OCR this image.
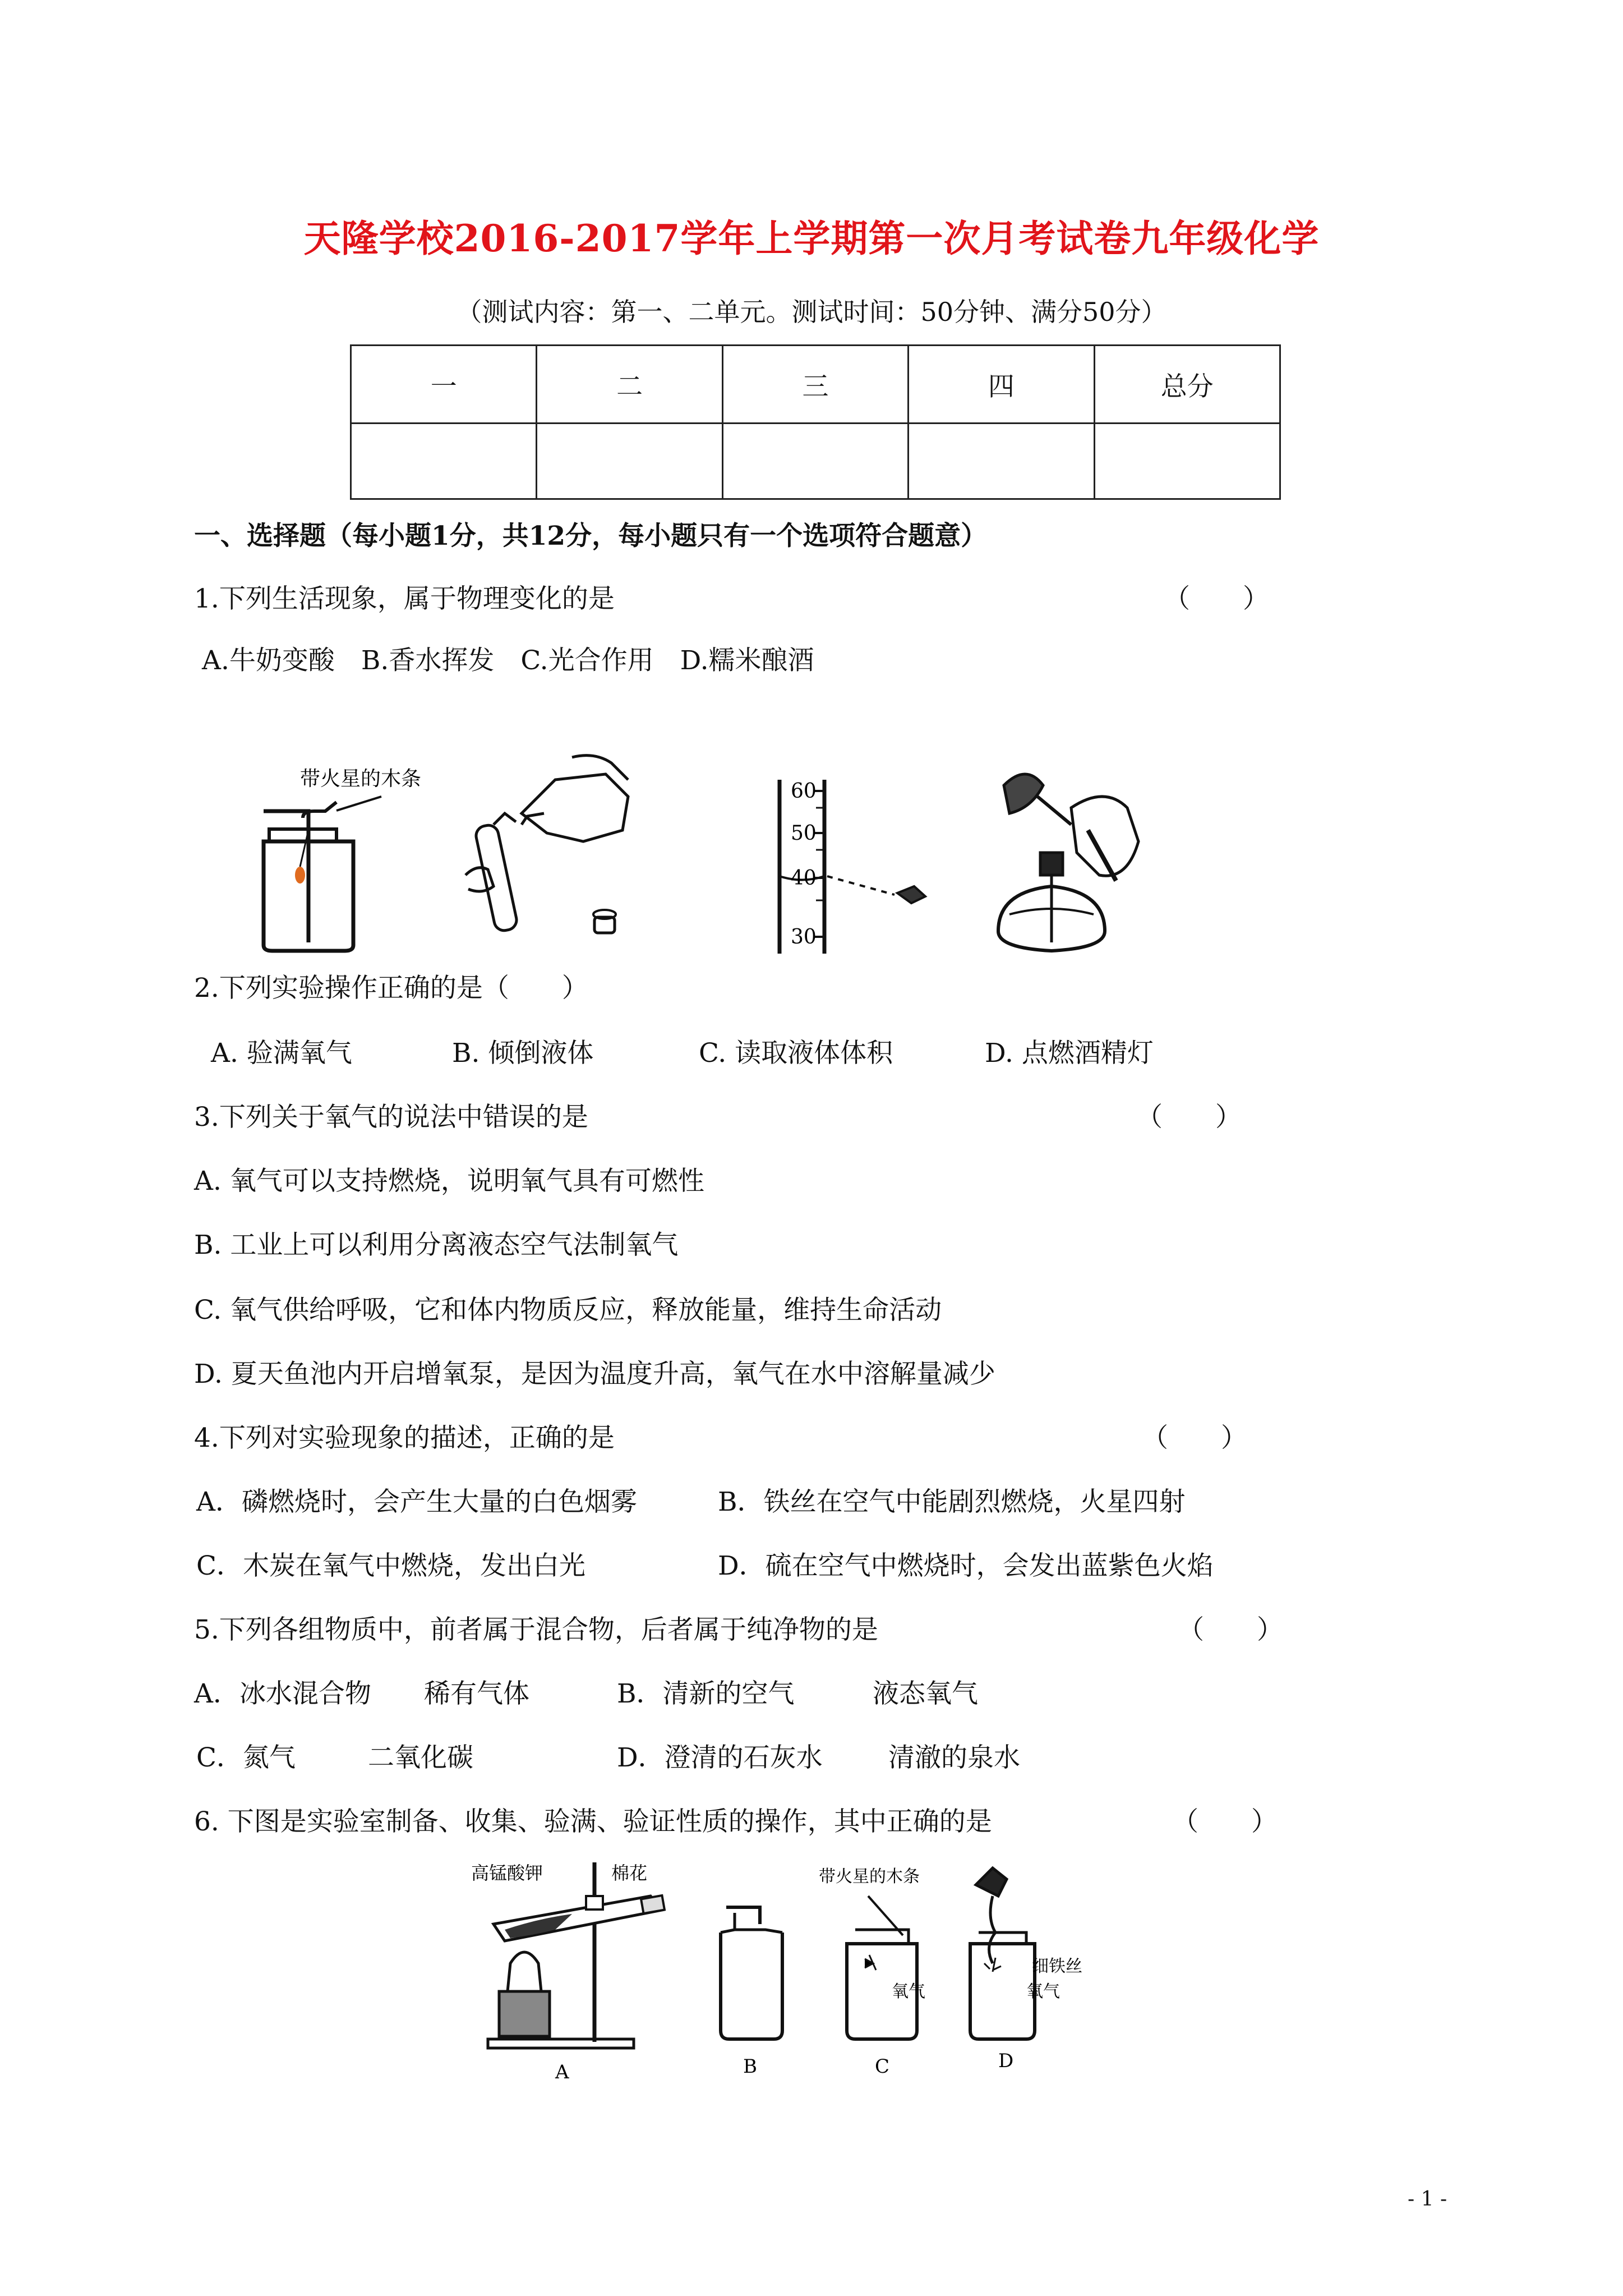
天隆学校2016-2017学年上学期第一次月考试卷九年级化学
（测试内容：第一、二单元。测试时间：50分钟、满分50分）
一	二	三	四	总分

一、选择题（每小题1分，共12分，每小题只有一个选项符合题意）
1.下列生活现象，属于物理变化的是	（　　）
A.牛奶变酸　B.香水挥发　C.光合作用　D.糯米酿酒
带火星的木条
60
50
40
30
2.下列实验操作正确的是（　　）
A. 验满氧气	B. 倾倒液体	C. 读取液体体积	D. 点燃酒精灯
3.下列关于氧气的说法中错误的是	（　　）
A. 氧气可以支持燃烧，说明氧气具有可燃性
B. 工业上可以利用分离液态空气法制氧气
C. 氧气供给呼吸，它和体内物质反应，释放能量，维持生命活动
D. 夏天鱼池内开启增氧泵，是因为温度升高，氧气在水中溶解量减少
4.下列对实验现象的描述，正确的是	（　　）
A．磷燃烧时，会产生大量的白色烟雾	B．铁丝在空气中能剧烈燃烧，火星四射
C．木炭在氧气中燃烧，发出白光	D．硫在空气中燃烧时，会发出蓝紫色火焰
5.下列各组物质中，前者属于混合物，后者属于纯净物的是	（　　）
A．冰水混合物 稀有气体	B．清新的空气	液态氧气
C．氮气	二氧化碳	D．澄清的石灰水 清澈的泉水
6. 下图是实验室制备、收集、验满、验证性质的操作，其中正确的是	（　　）
高锰酸钾	棉花
A	B
带火星的木条
氧气
C
细铁丝
氧气
D
- 1 -
